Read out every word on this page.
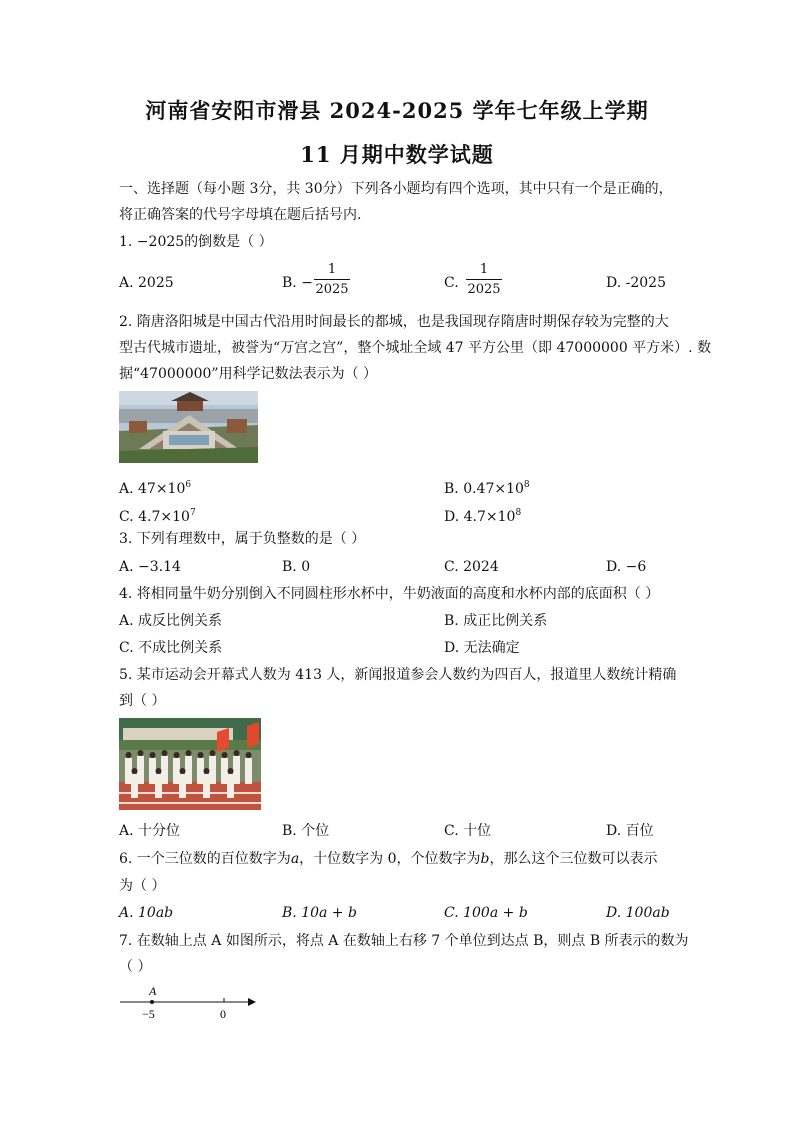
河南省安阳市滑县 2024-2025 学年七年级上学期
11 月期中数学试题
一、选择题（每小题 3分，共 30分）下列各小题均有四个选项，其中只有一个是正确的，
将正确答案的代号字母填在题后括号内.
1. −2025的倒数是（ ）
A. 2025	B. −
1
2025	C.
1
2025	D. -2025
2. 隋唐洛阳城是中国古代沿用时间最长的都城，也是我国现存隋唐时期保存较为完整的大
型古代城市遗址，被誉为“万宫之宫”，整个城址全域 47 平方公里（即 47000000 平方米）. 数
据“47000000”用科学记数法表示为（ ）
A. $47\times 10^6$	B. $0.47\times 10^8$
C. $4.7\times 10^7$	D. $4.7\times 10^8$
3. 下列有理数中，属于负整数的是（ ）
A. −3.14	B. 0	C. 2024	D. −6
4. 将相同量牛奶分别倒入不同圆柱形水杯中，牛奶液面的高度和水杯内部的底面积（ ）
A. 成反比例关系	B. 成正比例关系
C. 不成比例关系	D. 无法确定
5. 某市运动会开幕式人数为 413 人，新闻报道参会人数约为四百人，报道里人数统计精确
到（ ）
A. 十分位	B. 个位	C. 十位	D. 百位
6. 一个三位数的百位数字为a，十位数字为 0，个位数字为b，那么这个三位数可以表示
为（ ）
A. 10ab	B. 10a + b	C. 100a + b	D. 100ab
7. 在数轴上点 A 如图所示，将点 A 在数轴上右移 7 个单位到达点 B，则点 B 所表示的数为
（ ）
A
−5	0
